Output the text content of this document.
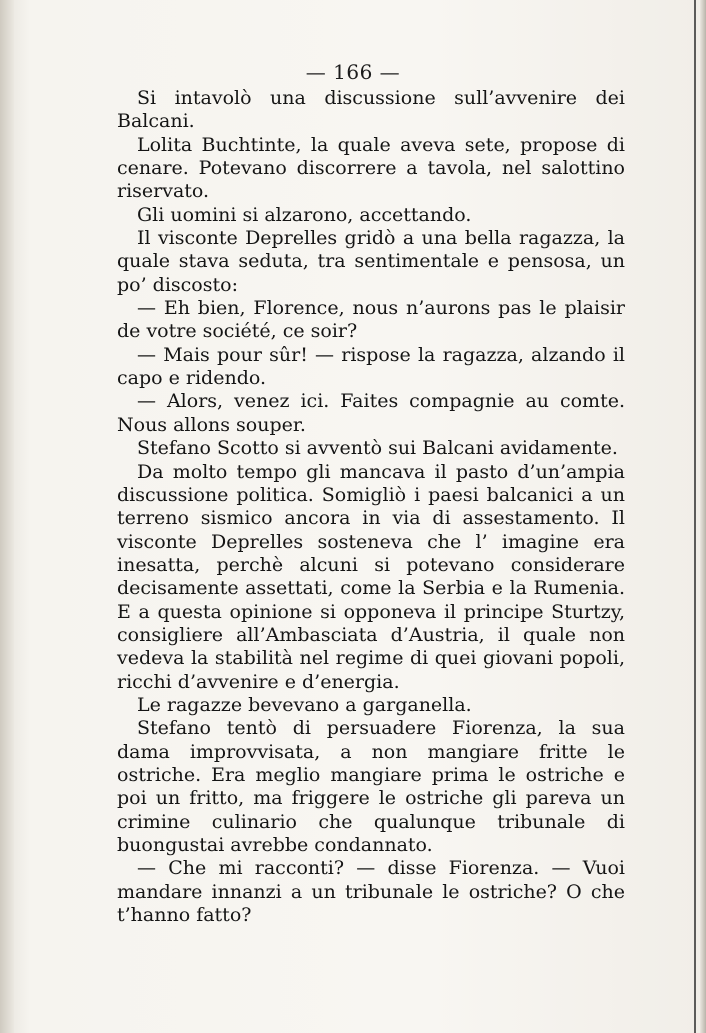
— 166 —

Si intavolò una discussione sull’avvenire dei Balcani.

Lolita Buchtinte, la quale aveva sete, propose di cenare. Potevano discorrere a tavola, nel salottino riservato.

Gli uomini si alzarono, accettando.

Il visconte Deprelles gridò a una bella ragazza, la quale stava seduta, tra sentimentale e pensosa, un po’ discosto:

— Eh bien, Florence, nous n’aurons pas le plaisir de votre société, ce soir?

— Mais pour sûr! — rispose la ragazza, alzando il capo e ridendo.

— Alors, venez ici. Faites compagnie au comte. Nous allons souper.

Stefano Scotto si avventò sui Balcani avidamente.

Da molto tempo gli mancava il pasto d’un’ampia discussione politica. Somigliò i paesi balcanici a un terreno sismico ancora in via di assestamento. Il visconte Deprelles sosteneva che l’ imagine era inesatta, perchè alcuni si potevano considerare decisamente assettati, come la Serbia e la Rumenia. E a questa opinione si opponeva il principe Sturtzy, consigliere all’Ambasciata d’Austria, il quale non vedeva la stabilità nel regime di quei giovani popoli, ricchi d’avvenire e d’energia.

Le ragazze bevevano a garganella.

Stefano tentò di persuadere Fiorenza, la sua dama improvvisata, a non mangiare fritte le ostriche. Era meglio mangiare prima le ostriche e poi un fritto, ma friggere le ostriche gli pareva un crimine culinario che qualunque tribunale di buongustai avrebbe condannato.

— Che mi racconti? — disse Fiorenza. — Vuoi mandare innanzi a un tribunale le ostriche? O che t’hanno fatto?
